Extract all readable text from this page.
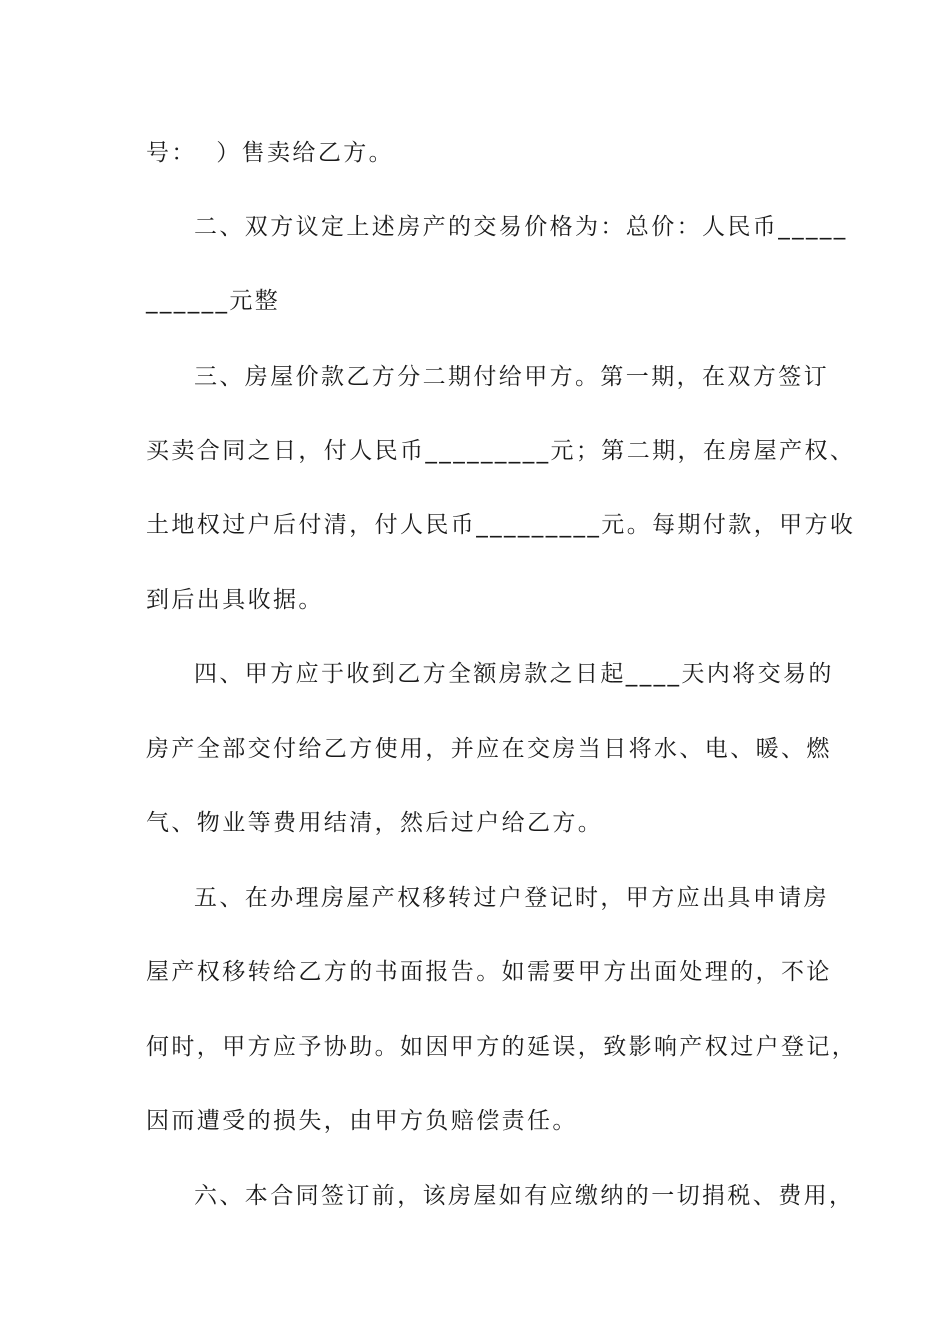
号：  ）售卖给乙方。
二、双方议定上述房产的交易价格为：总价：人民币_____
______元整
三、房屋价款乙方分二期付给甲方。第一期，在双方签订
买卖合同之日，付人民币_________元；第二期，在房屋产权、
土地权过户后付清，付人民币_________元。每期付款，甲方收
到后出具收据。
四、甲方应于收到乙方全额房款之日起____天内将交易的
房产全部交付给乙方使用，并应在交房当日将水、电、暖、燃
气、物业等费用结清，然后过户给乙方。
五、在办理房屋产权移转过户登记时，甲方应出具申请房
屋产权移转给乙方的书面报告。如需要甲方出面处理的，不论
何时，甲方应予协助。如因甲方的延误，致影响产权过户登记，
因而遭受的损失，由甲方负赔偿责任。
六、本合同签订前，该房屋如有应缴纳的一切捐税、费用，
